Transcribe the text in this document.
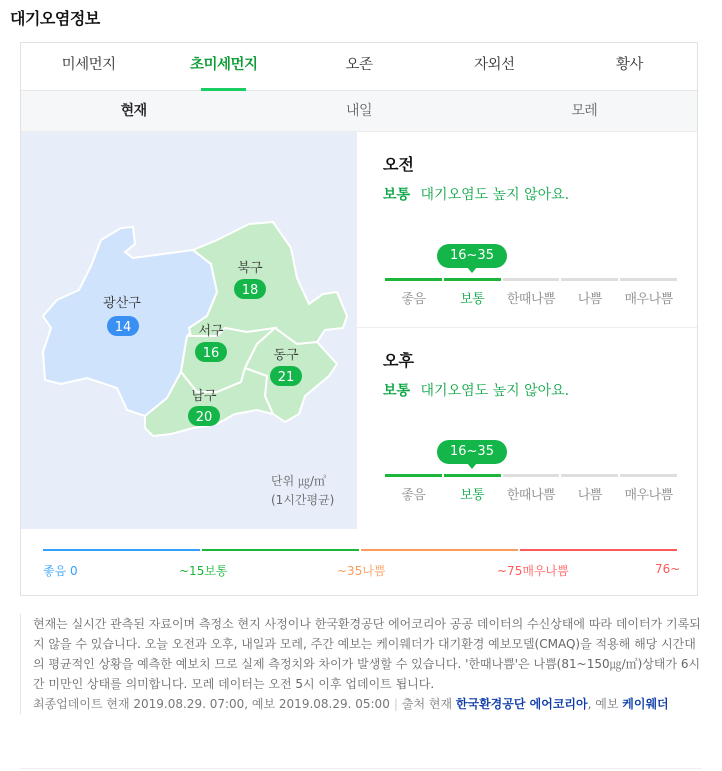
대기오염정보
미세먼지	초미세먼지	오존	자외선	황사
현재	내일	모레
광산구
14
북구
18
서구
16	동구
21
남구
20
단위 ㎍/㎥
(1시간평균)
오전
보통 대기오염도 높지 않아요.
16~35
좋음	보통	한때나쁨	나쁨	매우나쁨
오후
보통 대기오염도 높지 않아요.
16~35
좋음	보통	한때나쁨	나쁨	매우나쁨
좋음 0	~15보통	~35나쁨	~75매우나쁨	76~

현재는 실시간 관측된 자료이며 측정소 현지 사정이나 한국환경공단 에어코리아 공공 데이터의 수신상태에 따라 데이터가 기록되지 않을 수 있습니다. 오늘 오전과 오후, 내일과 모레, 주간 예보는 케이웨더가 대기환경 예보모델(CMAQ)을 적용해 해당 시간대의 평균적인 상황을 예측한 예보치 므로 실제 측정치와 차이가 발생할 수 있습니다. '한때나쁨'은 나쁨(81~150㎍/㎥)상태가 6시간 미만인 상태를 의미합니다. 모레 데이터는 오전 5시 이후 업데이트 됩니다.

최종업데이트 현재 2019.08.29. 07:00, 예보 2019.08.29. 05:00 | 출처 현재 한국환경공단 에어코리아, 예보 케이웨더
